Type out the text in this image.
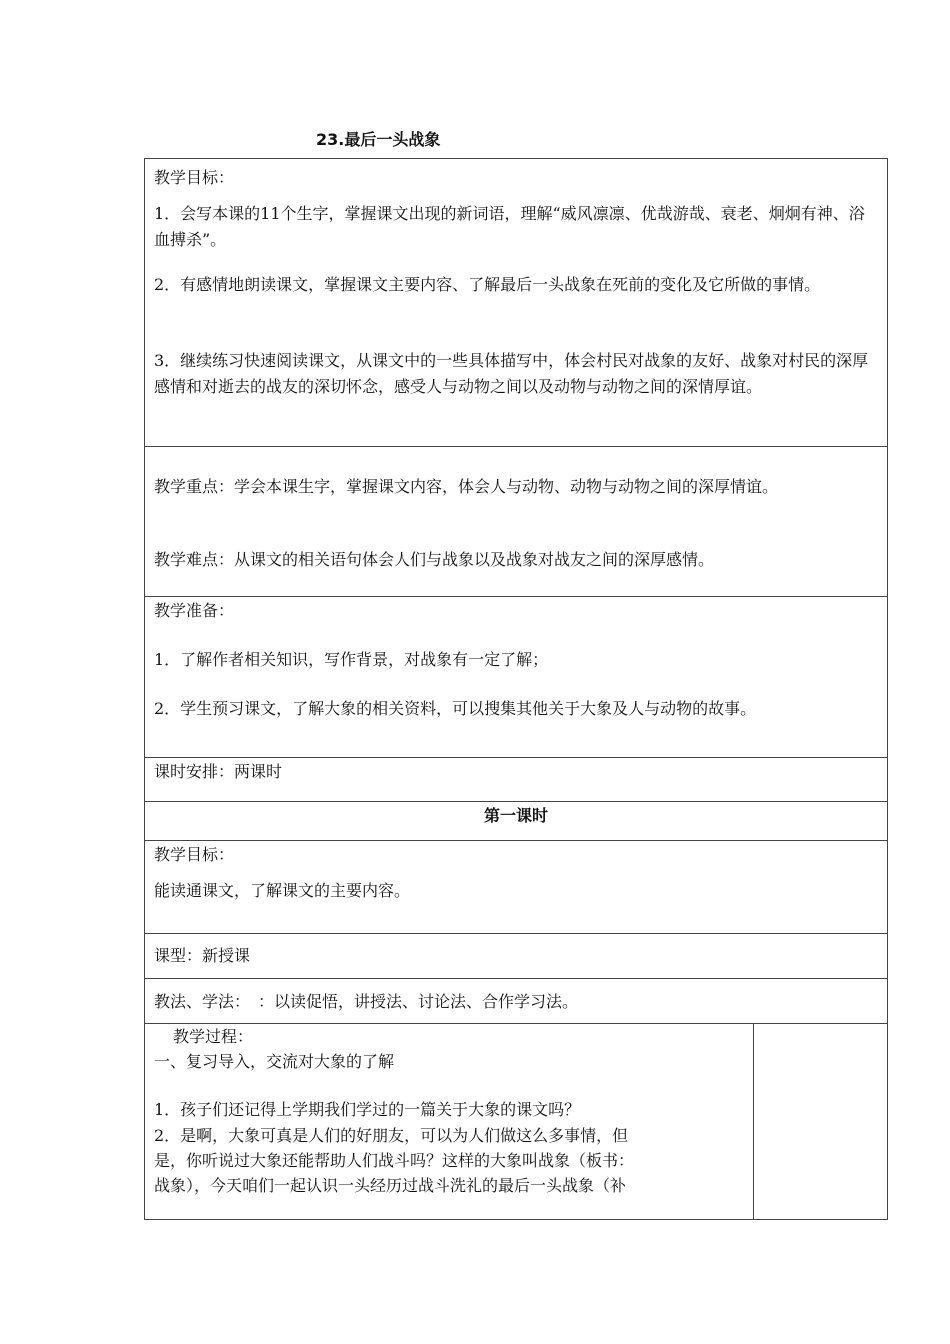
23.最后一头战象
教学目标：
1．会写本课的11个生字，掌握课文出现的新词语，理解“威风凛凛、优哉游哉、衰老、炯炯有神、浴血搏杀”。
2．有感情地朗读课文，掌握课文主要内容、了解最后一头战象在死前的变化及它所做的事情。
3．继续练习快速阅读课文，从课文中的一些具体描写中，体会村民对战象的友好、战象对村民的深厚感情和对逝去的战友的深切怀念，感受人与动物之间以及动物与动物之间的深情厚谊。
教学重点：学会本课生字，掌握课文内容，体会人与动物、动物与动物之间的深厚情谊。
教学难点：从课文的相关语句体会人们与战象以及战象对战友之间的深厚感情。
教学准备：
1．了解作者相关知识，写作背景，对战象有一定了解；
2．学生预习课文，了解大象的相关资料，可以搜集其他关于大象及人与动物的故事。
课时安排：两课时
第一课时
教学目标：
能读通课文，了解课文的主要内容。
课型：新授课
教法、学法：　：以读促悟，讲授法、讨论法、合作学习法。
教学过程：
一、复习导入，交流对大象的了解
1．孩子们还记得上学期我们学过的一篇关于大象的课文吗？
2．是啊，大象可真是人们的好朋友，可以为人们做这么多事情，但
是，你听说过大象还能帮助人们战斗吗？这样的大象叫战象（板书：
战象），今天咱们一起认识一头经历过战斗洗礼的最后一头战象（补
